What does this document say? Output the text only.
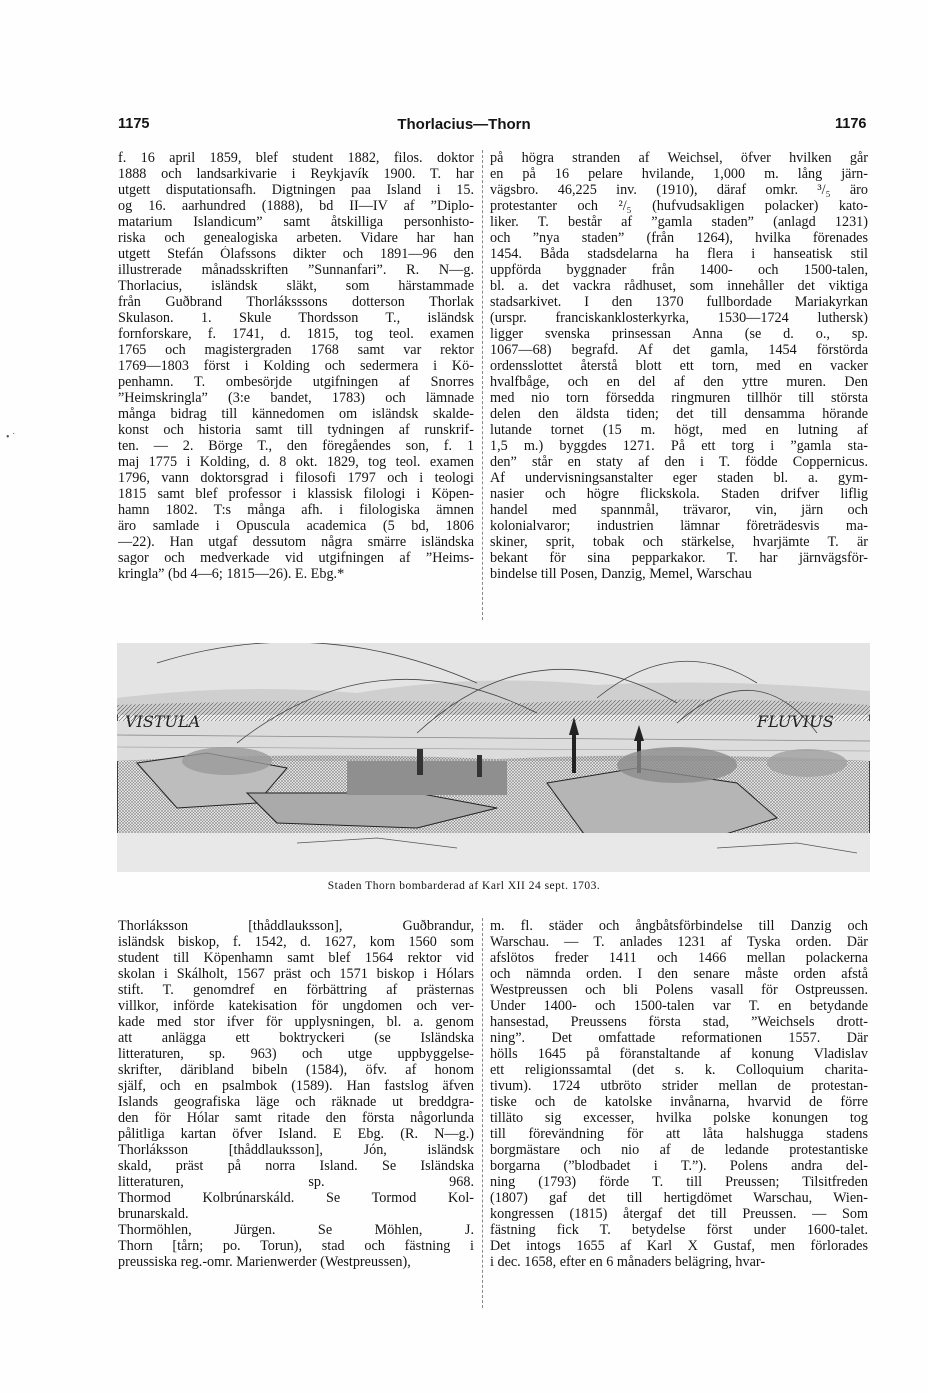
1175	Thorlacius—Thorn	1176
• ˙
f. 16 april 1859, blef student 1882, filos. doktor
1888 och landsarkivarie i Reykjavík 1900. T. har
utgett disputationsafh. Digtningen paa Island i 15.
og 16. aarhundred (1888), bd II—IV af ”Diplo-
matarium Islandicum” samt åtskilliga personhisto-
riska och genealogiska arbeten. Vidare har han
utgett Stefán Ólafssons dikter och 1891—96 den
illustrerade månadsskriften ”Sunnanfari”. R. N—g.
Thorlacius, isländsk släkt, som härstammade
från Guðbrand Thorláksssons dotterson Thorlak
Skulason. 1. Skule Thordsson T., isländsk
fornforskare, f. 1741, d. 1815, tog teol. examen
1765 och magistergraden 1768 samt var rektor
1769—1803 först i Kolding och sedermera i Kö-
penhamn. T. ombesörjde utgifningen af Snorres
”Heimskringla” (3:e bandet, 1783) och lämnade
många bidrag till kännedomen om isländsk skalde-
konst och historia samt till tydningen af runskrif-
ten. — 2. Börge T., den föregåendes son, f. 1
maj 1775 i Kolding, d. 8 okt. 1829, tog teol. examen
1796, vann doktorsgrad i filosofi 1797 och i teologi
1815 samt blef professor i klassisk filologi i Köpen-
hamn 1802. T:s många afh. i filologiska ämnen
äro samlade i Opuscula academica (5 bd, 1806
—22). Han utgaf dessutom några smärre isländska
sagor och medverkade vid utgifningen af ”Heims-
kringla” (bd 4—6; 1815—26). E. Ebg.*
på högra stranden af Weichsel, öfver hvilken går
en på 16 pelare hvilande, 1,000 m. lång järn-
vägsbro. 46,225 inv. (1910), däraf omkr. ³/₅ äro
protestanter och ²/₅ (hufvudsakligen polacker) kato-
liker. T. består af ”gamla staden” (anlagd 1231)
och ”nya staden” (från 1264), hvilka förenades
1454. Båda stadsdelarna ha flera i hanseatisk stil
uppförda byggnader från 1400- och 1500-talen,
bl. a. det vackra rådhuset, som innehåller det viktiga
stadsarkivet. I den 1370 fullbordade Mariakyrkan
(urspr. franciskanklosterkyrka, 1530—1724 luthersk)
ligger svenska prinsessan Anna (se d. o., sp.
1067—68) begrafd. Af det gamla, 1454 förstörda
ordensslottet återstå blott ett torn, med en vacker
hvalfbåge, och en del af den yttre muren. Den
med nio torn försedda ringmuren tillhör till största
delen den äldsta tiden; det till densamma hörande
lutande tornet (15 m. högt, med en lutning af
1,5 m.) byggdes 1271. På ett torg i ”gamla sta-
den” står en staty af den i T. födde Coppernicus.
Af undervisningsanstalter eger staden bl. a. gym-
nasier och högre flickskola. Staden drifver liflig
handel med spannmål, trävaror, vin, järn och
kolonialvaror; industrien lämnar företrädesvis ma-
skiner, sprit, tobak och stärkelse, hvarjämte T. är
bekant för sina pepparkakor. T. har järnvägsför-
bindelse till Posen, Danzig, Memel, Warschau
VISTULA	FLUVIUS
Staden Thorn bombarderad af Karl XII 24 sept. 1703.
Thorláksson [thåddlauksson], Guðbrandur,
isländsk biskop, f. 1542, d. 1627, kom 1560 som
student till Köpenhamn samt blef 1564 rektor vid
skolan i Skálholt, 1567 präst och 1571 biskop i Hólars
stift. T. genomdref en förbättring af prästernas
villkor, införde katekisation för ungdomen och ver-
kade med stor ifver för upplysningen, bl. a. genom
att anlägga ett boktryckeri (se Isländska
litteraturen, sp. 963) och utge uppbyggelse-
skrifter, däribland bibeln (1584), öfv. af honom
själf, och en psalmbok (1589). Han fastslog äfven
Islands geografiska läge och räknade ut breddgra-
den för Hólar samt ritade den första någorlunda
pålitliga kartan öfver Island. E Ebg. (R. N—g.)
Thorláksson [thåddlauksson], Jón, isländsk
skald, präst på norra Island. Se Isländska
litteraturen, sp. 968.
Thormod Kolbrúnarskáld. Se Tormod Kol-
brunarskald.
Thormöhlen, Jürgen. Se Möhlen, J.
Thorn [tårn; po. Torun), stad och fästning i
preussiska reg.-omr. Marienwerder (Westpreussen),
m. fl. städer och ångbåtsförbindelse till Danzig och
Warschau. — T. anlades 1231 af Tyska orden. Där
afslötos freder 1411 och 1466 mellan polackerna
och nämnda orden. I den senare måste orden afstå
Westpreussen och bli Polens vasall för Ostpreussen.
Under 1400- och 1500-talen var T. en betydande
hansestad, Preussens första stad, ”Weichsels drott-
ning”. Det omfattade reformationen 1557. Där
hölls 1645 på föranstaltande af konung Vladislav
ett religionssamtal (det s. k. Colloquium charita-
tivum). 1724 utbröto strider mellan de protestan-
tiske och de katolske invånarna, hvarvid de förre
tilläto sig excesser, hvilka polske konungen tog
till förevändning för att låta halshugga stadens
borgmästare och nio af de ledande protestantiske
borgarna (”blodbadet i T.”). Polens andra del-
ning (1793) förde T. till Preussen; Tilsitfreden
(1807) gaf det till hertigdömet Warschau, Wien-
kongressen (1815) återgaf det till Preussen. — Som
fästning fick T. betydelse först under 1600-talet.
Det intogs 1655 af Karl X Gustaf, men förlorades
i dec. 1658, efter en 6 månaders belägring, hvar-
